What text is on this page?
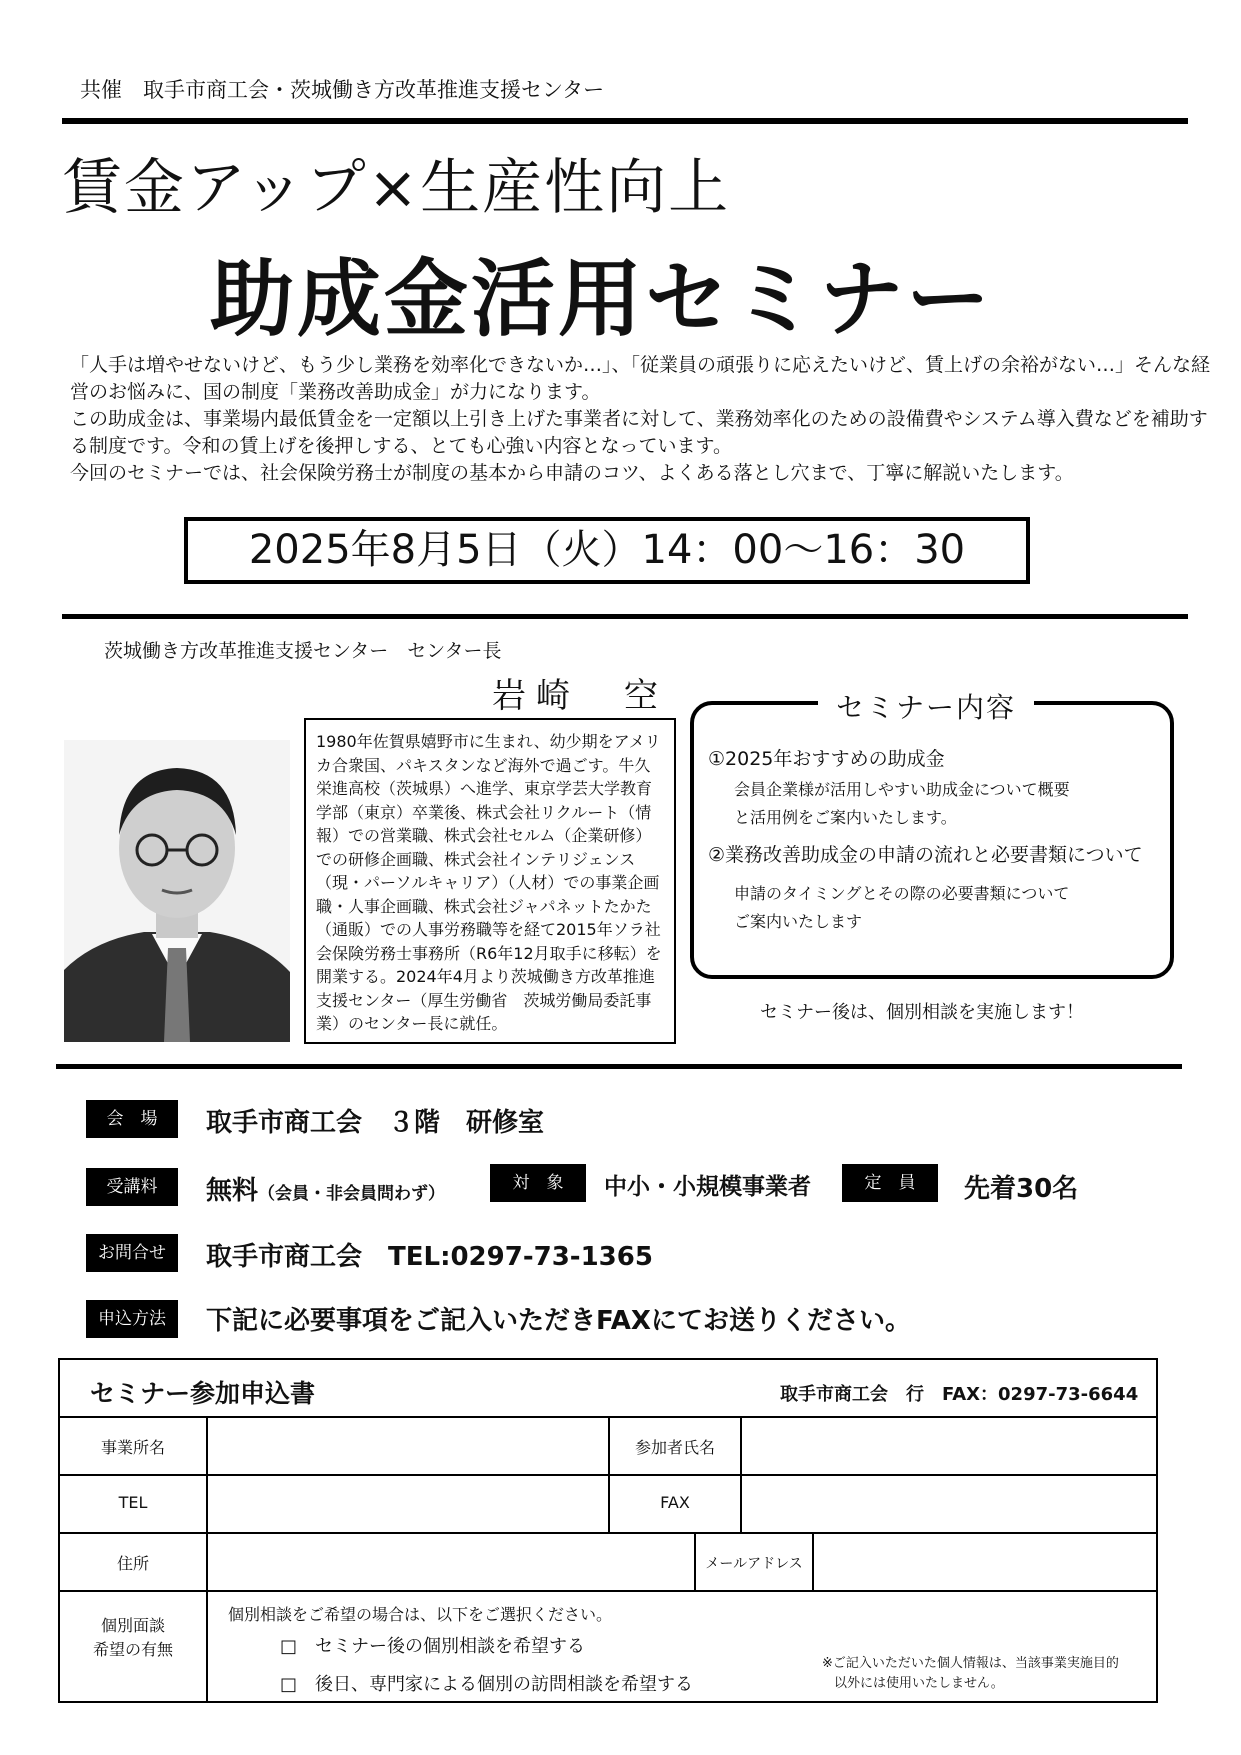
共催　取手市商工会・茨城働き方改革推進支援センター
賃金アップ×生産性向上
助成金活用セミナー

「人手は増やせないけど、もう少し業務を効率化できないか…」、「従業員の頑張りに応えたいけど、賃上げの余裕がない…」そんな経営のお悩みに、国の制度「業務改善助成金」が力になります。

この助成金は、事業場内最低賃金を一定額以上引き上げた事業者に対して、業務効率化のための設備費やシステム導入費などを補助する制度です。令和の賃上げを後押しする、とても心強い内容となっています。

今回のセミナーでは、社会保険労務士が制度の基本から申請のコツ、よくある落とし穴まで、丁寧に解説いたします。

2025年8月5日（火）14：00〜16：30
茨城働き方改革推進支援センター　センター長
岩崎　空
1980年佐賀県嬉野市に生まれ、幼少期をアメリカ合衆国、パキスタンなど海外で過ごす。牛久栄進高校（茨城県）へ進学、東京学芸大学教育学部（東京）卒業後、株式会社リクルート（情報）での営業職、株式会社セルム（企業研修）での研修企画職、株式会社インテリジェンス（現・パーソルキャリア）（人材）での事業企画職・人事企画職、株式会社ジャパネットたかた（通販）での人事労務職等を経て2015年ソラ社会保険労務士事務所（R6年12月取手に移転）を開業する。2024年4月より茨城働き方改革推進支援センター（厚生労働省　茨城労働局委託事業）のセンター長に就任。
セミナー内容
①2025年おすすめの助成金
会員企業様が活用しやすい助成金について概要
と活用例をご案内いたします。
②業務改善助成金の申請の流れと必要書類について
申請のタイミングとその際の必要書類について
ご案内いたします
セミナー後は、個別相談を実施します！
会　場	取手市商工会　３階　研修室
受講料	無料（会員・非会員問わず）
対　象	中小・小規模事業者	定　員	先着30名
お問合せ	取手市商工会　TEL:0297-73-1365
申込方法	下記に必要事項をご記入いただきFAXにてお送りください。
セミナー参加申込書	取手市商工会　行　FAX：0297-73-6644
事業所名	参加者氏名
TEL	FAX
住所	メールアドレス
個別面談
希望の有無
個別相談をご希望の場合は、以下をご選択ください。
□　セミナー後の個別相談を希望する
□　後日、専門家による個別の訪問相談を希望する
※ご記入いただいた個人情報は、当該事業実施目的
以外には使用いたしません。
